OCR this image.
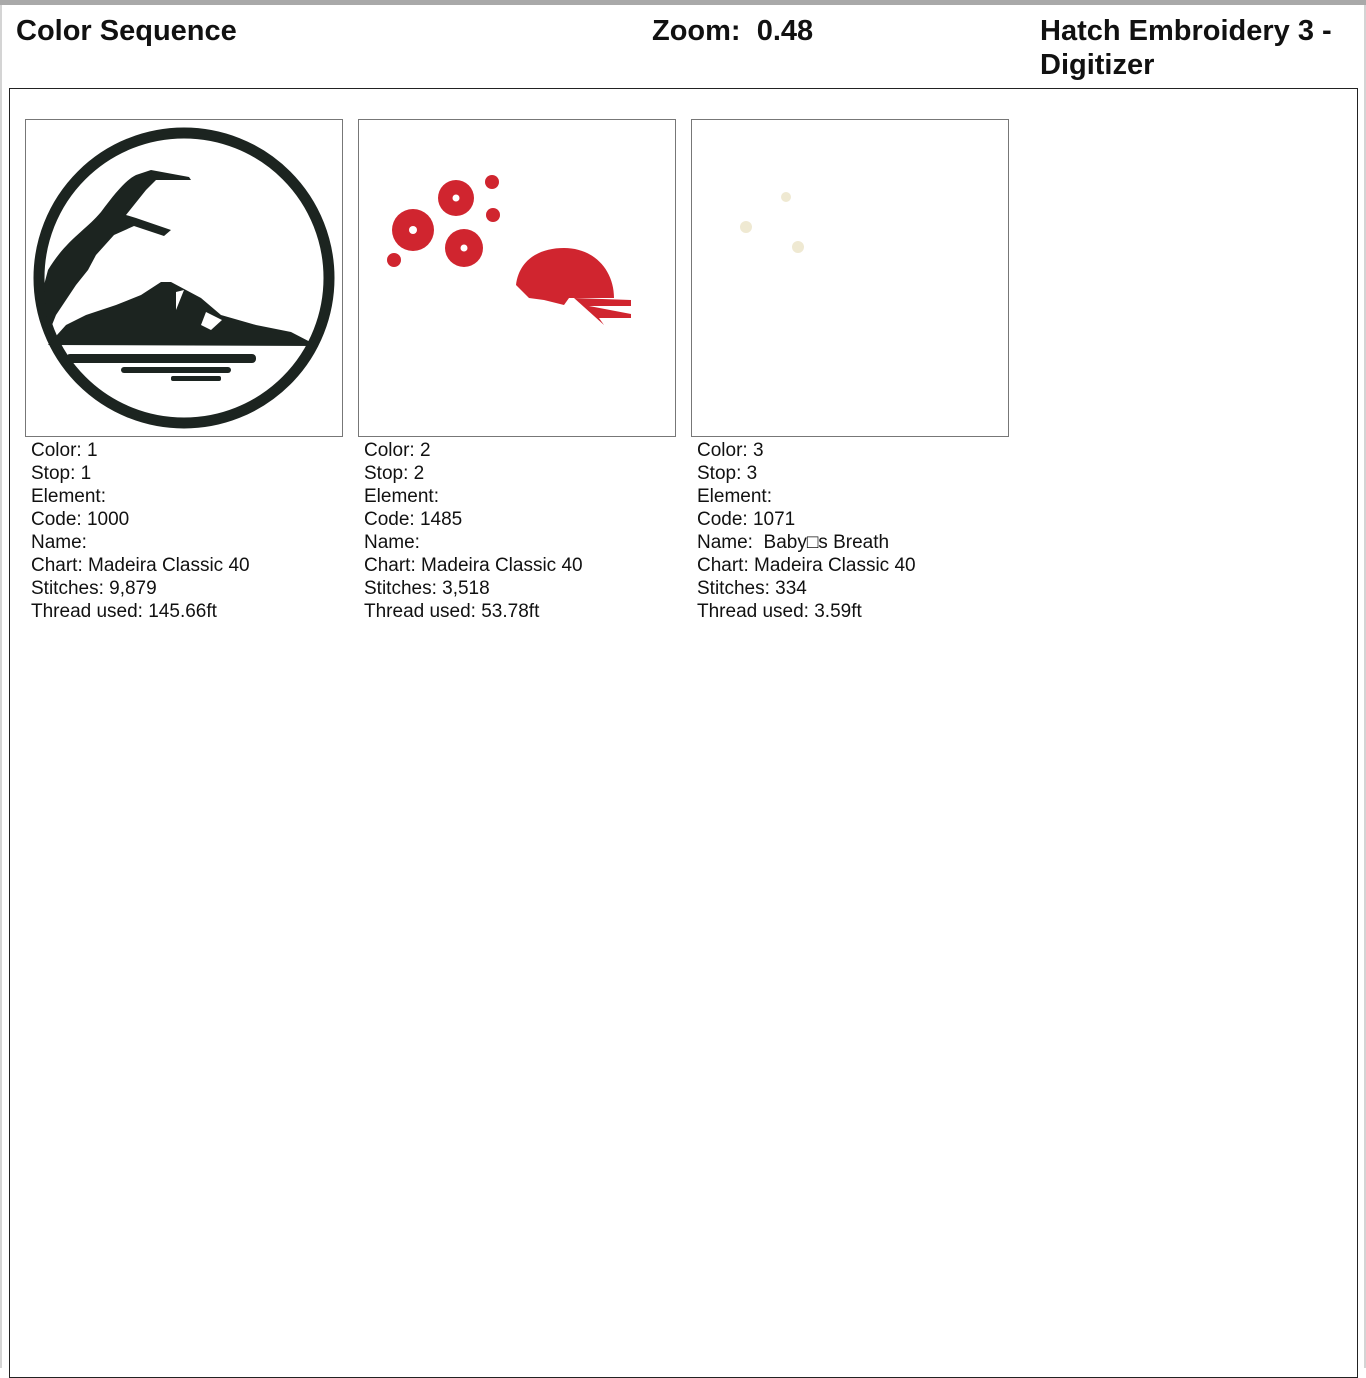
Color Sequence	Zoom:  0.48	Hatch Embroidery 3 - Digitizer
Color: 1
Stop: 1
Element:
Code: 1000
Name:
Chart: Madeira Classic 40
Stitches: 9,879
Thread used: 145.66ft
Color: 2
Stop: 2
Element:
Code: 1485
Name:
Chart: Madeira Classic 40
Stitches: 3,518
Thread used: 53.78ft
Color: 3
Stop: 3
Element:
Code: 1071
Name:  Baby□s Breath
Chart: Madeira Classic 40
Stitches: 334
Thread used: 3.59ft
